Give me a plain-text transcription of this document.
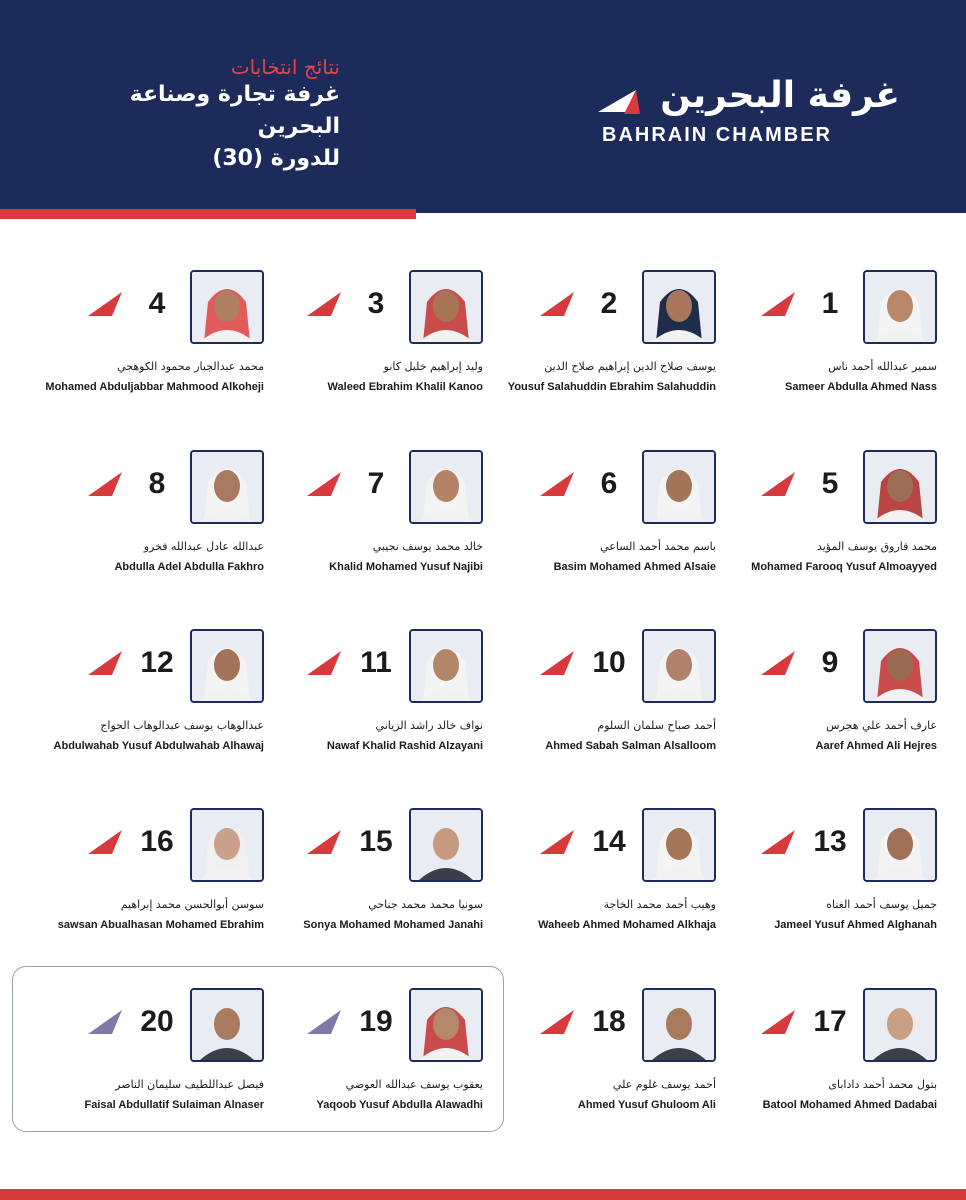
نتائج انتخابات
غرفة تجارة وصناعة البحرين
للدورة (30)
غرفة البحرين
BAHRAIN CHAMBER
1
سمير عبدالله أحمد ناس
Sameer Abdulla Ahmed Nass
2
يوسف صلاح الدين إبراهيم صلاح الدين
Yousuf Salahuddin Ebrahim Salahuddin
3
وليد إبراهيم خليل كانو
Waleed Ebrahim Khalil Kanoo
4
محمد عبدالجبار محمود الكوهجي
Mohamed Abduljabbar Mahmood Alkoheji
5
محمد فاروق يوسف المؤيد
Mohamed Farooq Yusuf Almoayyed
6
باسم محمد أحمد الساعي
Basim Mohamed Ahmed Alsaie
7
خالد محمد يوسف نجيبي
Khalid Mohamed Yusuf Najibi
8
عبدالله عادل عبدالله فخرو
Abdulla Adel Abdulla Fakhro
9
عارف أحمد علي هجرس
Aaref Ahmed Ali Hejres
10
أحمد صباح سلمان السلوم
Ahmed Sabah Salman Alsalloom
11
نواف خالد راشد الزياني
Nawaf Khalid Rashid Alzayani
12
عبدالوهاب يوسف عبدالوهاب الحواج
Abdulwahab Yusuf Abdulwahab Alhawaj
13
جميل يوسف أحمد الغناه
Jameel Yusuf Ahmed Alghanah
14
وهيب أحمد محمد الخاجة
Waheeb Ahmed Mohamed Alkhaja
15
سونيا محمد محمد جناحي
Sonya Mohamed Mohamed Janahi
16
سوسن أبوالحسن محمد إبراهيم
sawsan Abualhasan Mohamed Ebrahim
17
بتول محمد أحمد دادابای
Batool Mohamed Ahmed Dadabai
18
أحمد يوسف غلوم علي
Ahmed Yusuf Ghuloom Ali
19
يعقوب يوسف عبدالله العوضي
Yaqoob Yusuf Abdulla Alawadhi
20
فيصل عبداللطيف سليمان الناصر
Faisal Abdullatif Sulaiman Alnaser
